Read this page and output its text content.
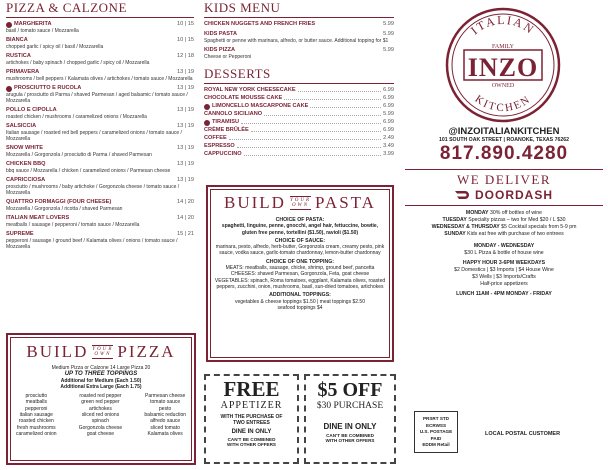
PIZZA & CALZONE
MARGHERITA	10 | 15
basil / tomato sauce / Mozzarella
BIANCA	10 | 15
chopped garlic / spicy oil / basil / Mozzarella
RUSTICA	12 | 18
artichokes / baby spinach / chopped garlic / spicy oil / Mozzarella
PRIMAVERA	13 | 19
mushrooms / bell peppers / Kalamata olives / artichokes / tomato sauce / Mozzarella
PROSCIUTTO E RUCOLA	13 | 19
arugula / prosciutto di Parma / shaved Parmesan / aged balsamic / tomato sauce / Mozzarella
POLLO E CIPOLLA	13 | 19
roasted chicken / mushrooms / caramelized onions / Mozzarella
SALSICCIA	13 | 19
Italian sausage / roasted red bell peppers / caramelized onions / tomato sauce / Mozzarella
SNOW WHITE	13 | 19
Mozzarella / Gorgonzola / prosciutto di Parma / shaved Parmesan
CHICKEN BBQ	13 | 19
bbq sauce / Mozzarella / chicken / caramelized onions / Parmesan cheese
CAPRICCIOSA	13 | 19
prosciutto / mushrooms / baby artichoke / Gorgonzola cheese / tomato sauce / Mozzarella
QUATTRO FORMAGGI (FOUR CHEESE)	14 | 20
Mozzarella / Gorgonzola / ricotta / shaved Parmesan
ITALIAN MEAT LOVERS	14 | 20
meatballs / sausage / pepperoni / tomato sauce / Mozzarella
SUPREME	15 | 21
pepperoni / sausage / ground beef / Kalamata olives / onions / tomato sauce / Mozzarella
BUILD YOUR
OWN PIZZA
Medium Pizza or Calzone 14 Large Pizza 20
UP TO THREE TOPPINGS
Additional for Medium (Each 1.50)
Additional Extra Large (Each 1.75)
prosciutto
meatballs
pepperoni
italian sausage
roasted chicken
fresh mushrooms
caramelized onion
roasted red pepper
green red pepper
artichokes
sliced red onions
spinach
Gorgonzola cheese
goat cheese
Parmesan cheese
tomato sauce
pesto
balsamic reduction
alfredo sauce
sliced tomato
Kalamata olives
KIDS MENU
CHICKEN NUGGETS AND FRENCH FRIES	5.99
KIDS PASTA	5.99
Spaghetti or penne with marinara, alfredo, or butter sauce. Additional topping for $1
KIDS PIZZA	5.99
Cheese or Pepperoni
DESSERTS
ROYAL NEW YORK CHEESECAKE	6.99
CHOCOLATE MOUSSE CAKE	6.99
LIMONCELLO MASCARPONE CAKE	6.99
CANNOLO SICILIANO	5.99
TIRAMISU	6.99
CRÈME BRÛLÉE	6.99
COFFEE	2.49
ESPRESSO	3.49
CAPPUCCINO	3.99
BUILD YOUR
OWN PASTA
CHOICE OF PASTA:
spaghetti, linguine, penne, gnocchi, angel hair, fettuccine, bowtie, gluten free penne, tortellini ($1.50), ravioli ($1.50)
CHOICE OF SAUCE:
marinara, pesto, alfredo, herb-butter, Gorgonzola cream, creamy pesto, pink sauce, vodka sauce, garlic-tomato chardonnay, lemon-butter chardonnay
CHOICE OF ONE TOPPING:
MEATS: meatballs, sausage, chicke, shrimp, ground beef, pancetta
CHEESES: shaved Parmesan, Gorgonzola, Feta, goat cheese
VEGETABLES: spinach, Roma tomatoes, eggplant, Kalamata olives, roasted peppers, zucchini, onion, mushrooms, basil, sun-dried tomatoes, artichokes
ADDITIONAL TOPPINGS:
vegetables & cheese toppings $1.50 | meat toppings $2.50
seafood toppings $4
FREE
APPETIZER
WITH THE PURCHASE OF
TWO ENTREES
DINE IN ONLY
CAN'T BE COMBINED
WITH OTHER OFFERS
$5 OFF
$30 PURCHASE
DINE IN ONLY
CAN'T BE COMBINED
WITH OTHER OFFERS
ITALIAN
KITCHEN
FAMILY
INZO
OWNED
@INZOITALIANKITCHEN
101 SOUTH OAK STREET | ROANOKE, TEXAS 76262
817.890.4280
WE DELIVER
DOORDASH
MONDAY 30% off bottles of wine
TUESDAY Specialty pizzas – two for Med $20 / L $30
WEDNESDAY & THURSDAY $5 Cocktail specials from 5-9 pm
SUNDAY Kids eat free with purchase of two entrees
MONDAY - WEDNESDAY
$30 L Pizza & bottle of house wine
HAPPY HOUR 3-6PM WEEKDAYS
$2 Domestics | $3 Imports | $4 House Wine
$3 Wells | $3 Imports/Crafts
Half-price appetizers
LUNCH 11AM - 4PM MONDAY - FRIDAY
PRSRT STD
ECRWSS
U.S. POSTAGE
PAID
EDDM Retail
LOCAL POSTAL CUSTOMER
